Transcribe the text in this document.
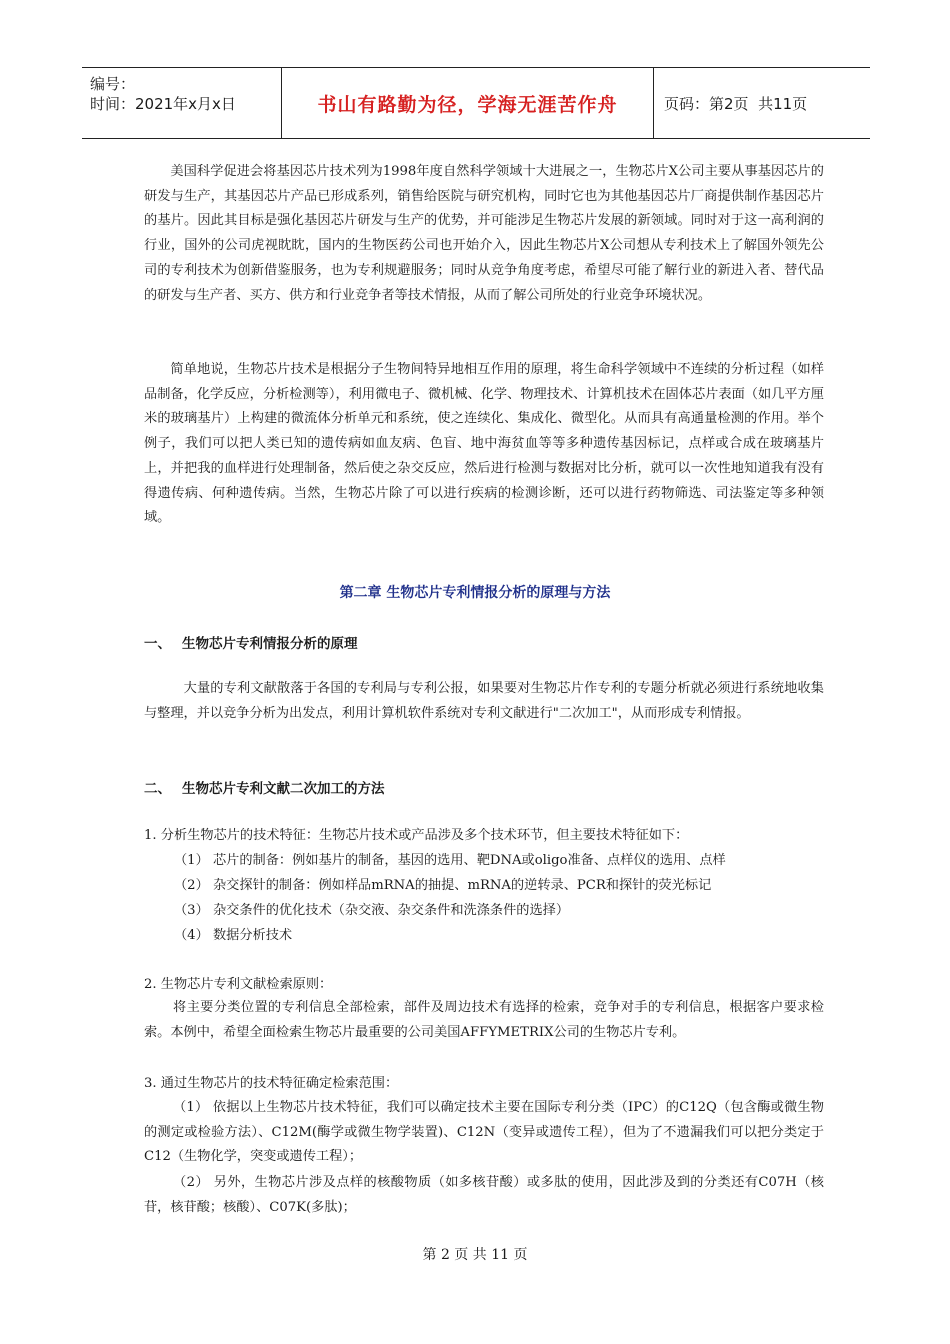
编号：
时间：2021年x月x日	书山有路勤为径，学海无涯苦作舟	页码：第2页  共11页

美国科学促进会将基因芯片技术列为1998年度自然科学领域十大进展之一，生物芯片X公司主要从事基因芯片的研发与生产，其基因芯片产品已形成系列，销售给医院与研究机构，同时它也为其他基因芯片厂商提供制作基因芯片的基片。因此其目标是强化基因芯片研发与生产的优势，并可能涉足生物芯片发展的新领域。同时对于这一高利润的行业，国外的公司虎视眈眈，国内的生物医药公司也开始介入，因此生物芯片X公司想从专利技术上了解国外领先公司的专利技术为创新借鉴服务，也为专利规避服务；同时从竞争角度考虑，希望尽可能了解行业的新进入者、替代品的研发与生产者、买方、供方和行业竞争者等技术情报，从而了解公司所处的行业竞争环境状况。

简单地说，生物芯片技术是根据分子生物间特异地相互作用的原理，将生命科学领域中不连续的分析过程（如样品制备，化学反应，分析检测等），利用微电子、微机械、化学、物理技术、计算机技术在固体芯片表面（如几平方厘米的玻璃基片）上构建的微流体分析单元和系统，使之连续化、集成化、微型化。从而具有高通量检测的作用。举个例子，我们可以把人类已知的遗传病如血友病、色盲、地中海贫血等等多种遗传基因标记，点样或合成在玻璃基片上，并把我的血样进行处理制备，然后使之杂交反应，然后进行检测与数据对比分析，就可以一次性地知道我有没有得遗传病、何种遗传病。当然，生物芯片除了可以进行疾病的检测诊断，还可以进行药物筛选、司法鉴定等多种领域。

第二章 生物芯片专利情报分析的原理与方法
一、 生物芯片专利情报分析的原理

大量的专利文献散落于各国的专利局与专利公报，如果要对生物芯片作专利的专题分析就必须进行系统地收集与整理，并以竞争分析为出发点，利用计算机软件系统对专利文献进行"二次加工"，从而形成专利情报。

二、 生物芯片专利文献二次加工的方法
1. 分析生物芯片的技术特征：生物芯片技术或产品涉及多个技术环节，但主要技术特征如下：
（1） 芯片的制备：例如基片的制备，基因的选用、靶DNA或oligo准备、点样仪的选用、点样
（2） 杂交探针的制备：例如样品mRNA的抽提、mRNA的逆转录、PCR和探针的荧光标记
（3） 杂交条件的优化技术（杂交液、杂交条件和洗涤条件的选择）
（4） 数据分析技术
2. 生物芯片专利文献检索原则：

将主要分类位置的专利信息全部检索，部件及周边技术有选择的检索，竞争对手的专利信息，根据客户要求检索。本例中，希望全面检索生物芯片最重要的公司美国AFFYMETRIX公司的生物芯片专利。

3. 通过生物芯片的技术特征确定检索范围：

（1） 依据以上生物芯片技术特征，我们可以确定技术主要在国际专利分类（IPC）的C12Q（包含酶或微生物的测定或检验方法）、C12M(酶学或微生物学装置)、C12N（变异或遗传工程），但为了不遗漏我们可以把分类定于C12（生物化学，突变或遗传工程）；

（2） 另外，生物芯片涉及点样的核酸物质（如多核苷酸）或多肽的使用，因此涉及到的分类还有C07H（核苷，核苷酸；核酸）、C07K(多肽)；

第 2 页 共 11 页
